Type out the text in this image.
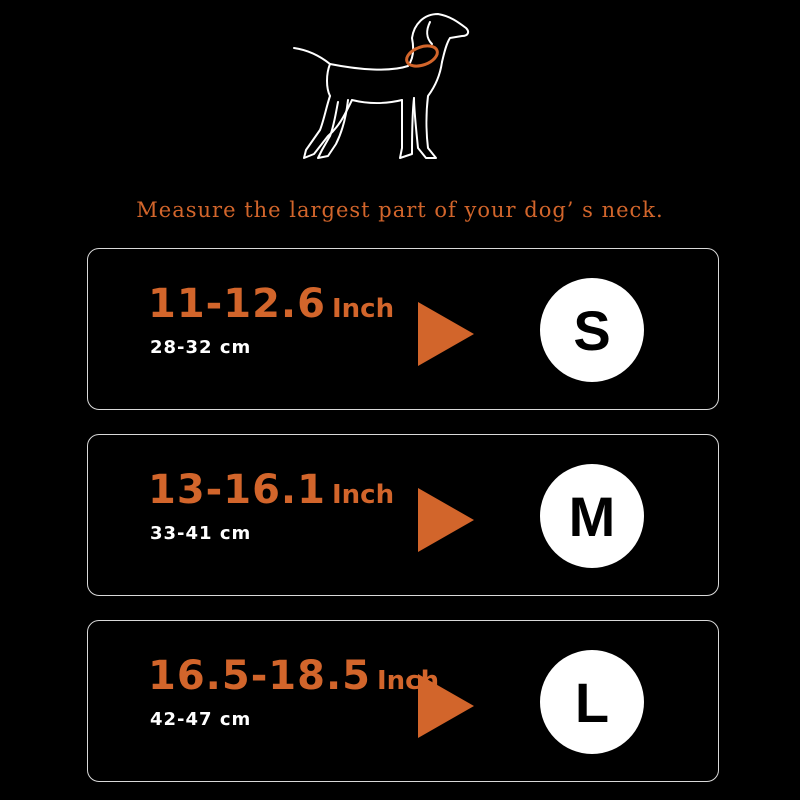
Measure the largest part of your dog’ s neck.
11-12.6 Inch
28-32 cm	S
13-16.1 Inch
33-41 cm	M
16.5-18.5 Inch
42-47 cm	L
